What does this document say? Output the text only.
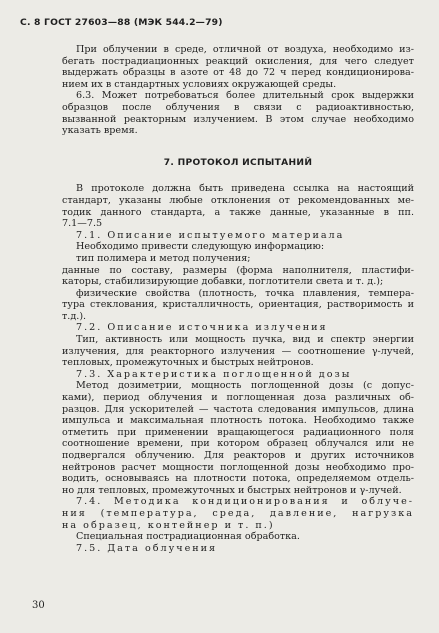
С. 8 ГОСТ 27603—88 (МЭК 544.2—79)

При облучении в среде, отличной от воздуха, необходимо из-

бегать пострадиационных реакций окисления, для чего следует

выдержать образцы в азоте от 48 до 72 ч перед кондиционирова-

нием их в стандартных условиях окружающей среды.

6.3. Может потребоваться более длительный срок выдержки

образцов после облучения в связи с радиоактивностью,

вызванной реакторным излучением. В этом случае необходимо

указать время.

7. ПРОТОКОЛ ИСПЫТАНИЙ

В протоколе должна быть приведена ссылка на настоящий

стандарт, указаны любые отклонения от рекомендованных ме-

тодик данного стандарта, а также данные, указанные в пп.

7.1—7.5

7.1. Описание испытуемого материала

Необходимо привести следующую информацию:

тип полимера и метод получения;

данные по составу, размеры (форма наполнителя, пластифи-

каторы, стабилизирующие добавки, поглотители света и т. д.);

физические свойства (плотность, точка плавления, темпера-

тура стеклования, кристалличность, ориентация, растворимость и

т.д.).

7.2. Описание источника излучения

Тип, активность или мощность пучка, вид и спектр энергии

излучения, для реакторного излучения — соотношение γ-лучей,

тепловых, промежуточных и быстрых нейтронов.

7.3. Характеристика поглощенной дозы

Метод дозиметрии, мощность поглощенной дозы (с допус-

ками), период облучения и поглощенная доза различных об-

разцов. Для ускорителей — частота следования импульсов, длина

импульса и максимальная плотность потока. Необходимо также

отметить при применении вращающегося радиационного поля

соотношение времени, при котором образец облучался или не

подвергался облучению. Для реакторов и других источников

нейтронов расчет мощности поглощенной дозы необходимо про-

водить, основываясь на плотности потока, определяемом отдель-

но для тепловых, промежуточных и быстрых нейтронов и γ-лучей.

7.4. Методика кондиционирования и облуче-

ния (температура, среда, давление, нагрузка

на образец, контейнер и т. п.)

Специальная пострадиационная обработка.

7.5. Дата облучения

30
